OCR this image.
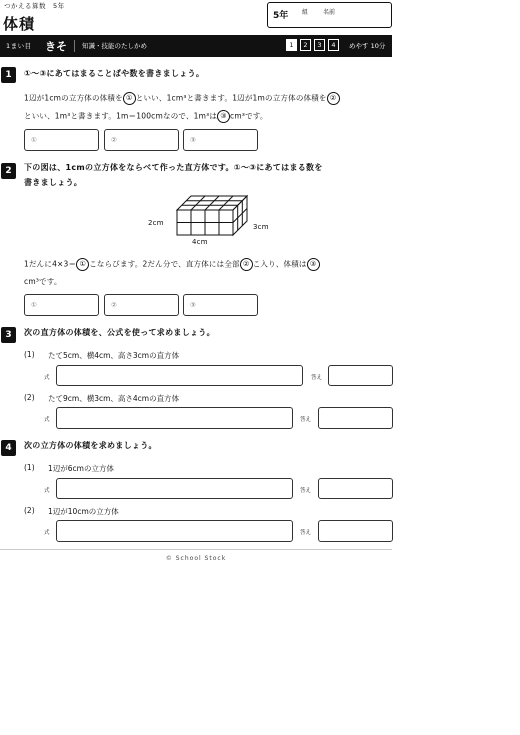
つかえる算数　5年
体積	5年 組 名前
1まい目 きそ 知識・技能のたしかめ	1	2	3	4	めやす 10分
1	①〜③にあてはまることばや数を書きましょう。
1辺が1cmの立方体の体積を ① といい、1cm³と書きます。1辺が1mの立方体の体積を ②
といい、1m³と書きます。1m＝100cmなので、1m³は ③ cm³です。
①	②	③
2	下の図は、1cmの立方体をならべて作った直方体です。①〜③にあてはまる数を
書きましょう。
2cm
4cm
3cm
1だんに4×3＝ ① こならびます。2だん分で、直方体には全部 ② こ入り、体積は ③
cm³です。
①	②	③
3	次の直方体の体積を、公式を使って求めましょう。
(1) たて5cm、横4cm、高さ3cmの直方体
式	答え
(2) たて9cm、横3cm、高さ4cmの直方体
式	答え
4	次の立方体の体積を求めましょう。
(1) 1辺が6cmの立方体
式	答え
(2) 1辺が10cmの立方体
式	答え
© School Stock
